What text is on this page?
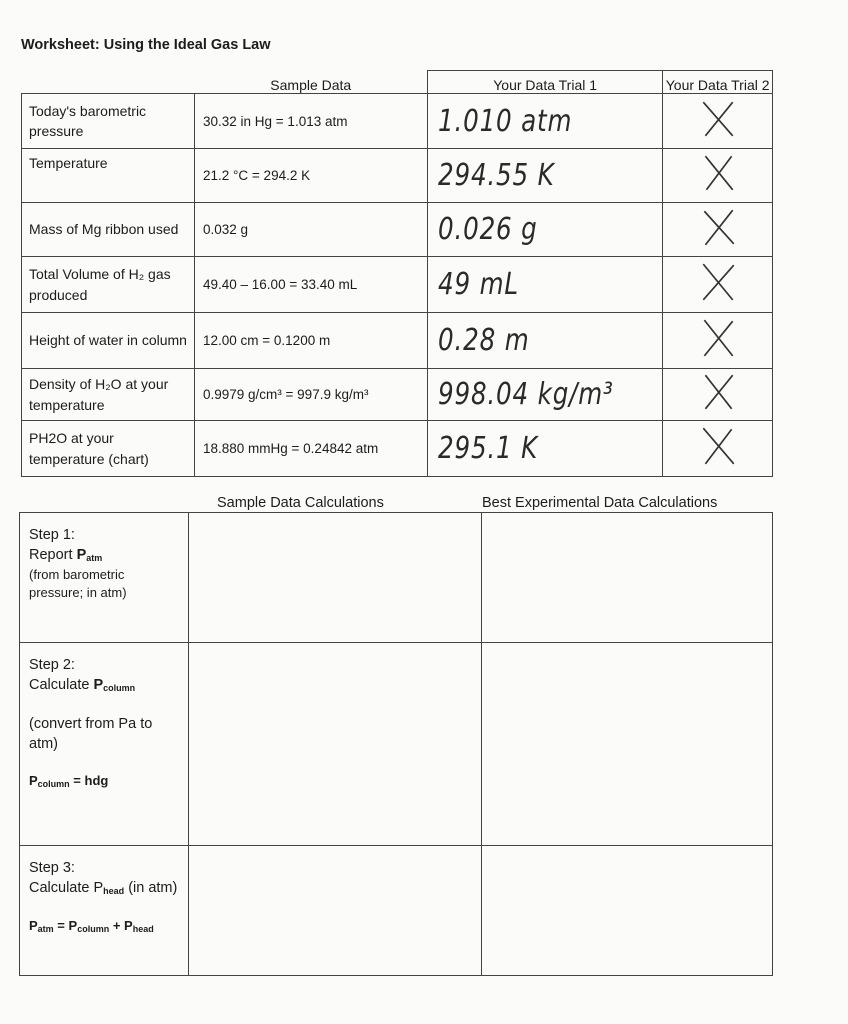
Worksheet: Using the Ideal Gas Law
	Sample Data	Your Data Trial 1	Your Data Trial 2
Today's barometric pressure	30.32 in Hg = 1.013 atm	1.010 atm	
Temperature	21.2 °C = 294.2 K	294.55 K	
Mass of Mg ribbon used	0.032 g	0.026 g	
Total Volume of H₂ gas produced	49.40 – 16.00 = 33.40 mL	49 mL	
Height of water in column	12.00 cm = 0.1200 m	0.28 m	
Density of H₂O at your temperature	0.9979 g/cm³ = 997.9 kg/m³	998.04 kg/m³	
PH2O at your temperature (chart)	18.880 mmHg = 0.24842 atm	295.1 K	
Sample Data Calculations	Best Experimental Data Calculations
Step 1:
Report Patm
(from barometric pressure; in atm)		

Step 2:
Calculate Pcolumn
(convert from Pa to atm)
Pcolumn = hdg		

Step 3:
Calculate Phead (in atm)
Patm = Pcolumn + Phead		
